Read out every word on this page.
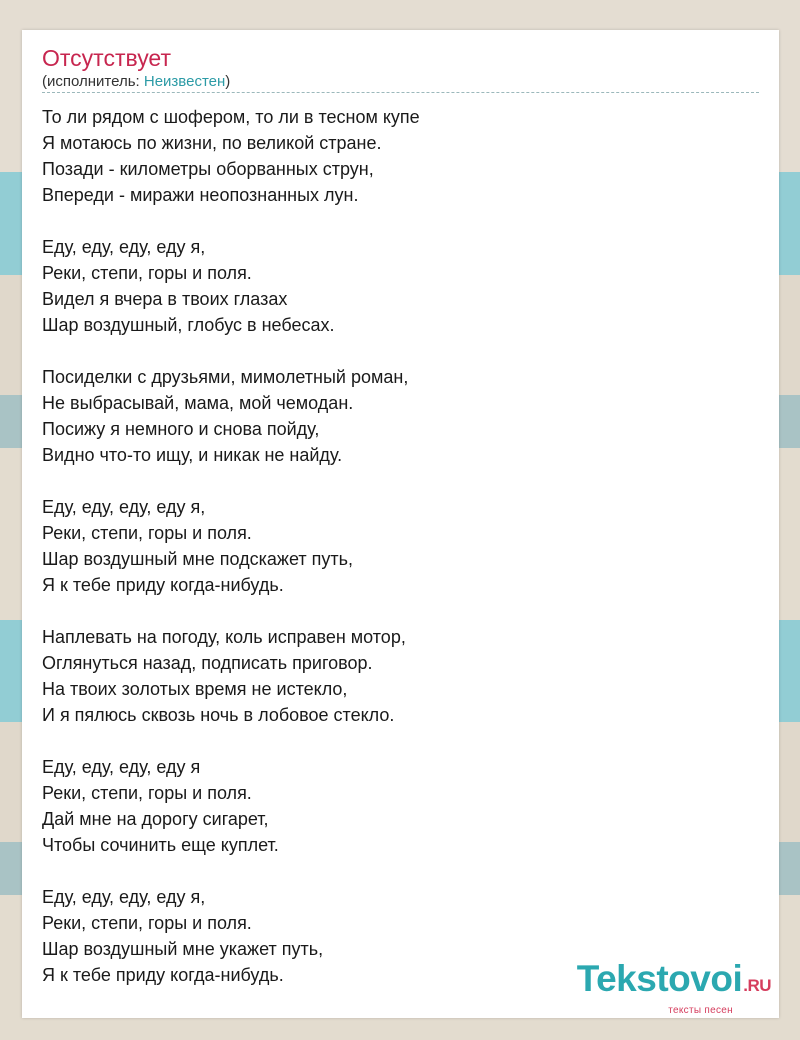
Отсутствует
(исполнитель: Неизвестен)
То ли рядом с шофером, то ли в тесном купе
Я мотаюсь по жизни, по великой стране.
Позади - километры оборванных струн,
Впереди - миражи неопознанных лун.
Еду, еду, еду, еду я,
Реки, степи, горы и поля.
Видел я вчера в твоих глазах
Шар воздушный, глобус в небесах.
Посиделки с друзьями, мимолетный роман,
Не выбрасывай, мама, мой чемодан.
Посижу я немного и снова пойду,
Видно что-то ищу, и никак не найду.
Еду, еду, еду, еду я,
Реки, степи, горы и поля.
Шар воздушный мне подскажет путь,
Я к тебе приду когда-нибудь.
Наплевать на погоду, коль исправен мотор,
Оглянуться назад, подписать приговор.
На твоих золотых время не истекло,
И я пялюсь сквозь ночь в лобовое стекло.
Еду, еду, еду, еду я
Реки, степи, горы и поля.
Дай мне на дорогу сигарет,
Чтобы сочинить еще куплет.
Еду, еду, еду, еду я,
Реки, степи, горы и поля.
Шар воздушный мне укажет путь,
Я к тебе приду когда-нибудь.	Tekstovoi.RU
тексты песен
